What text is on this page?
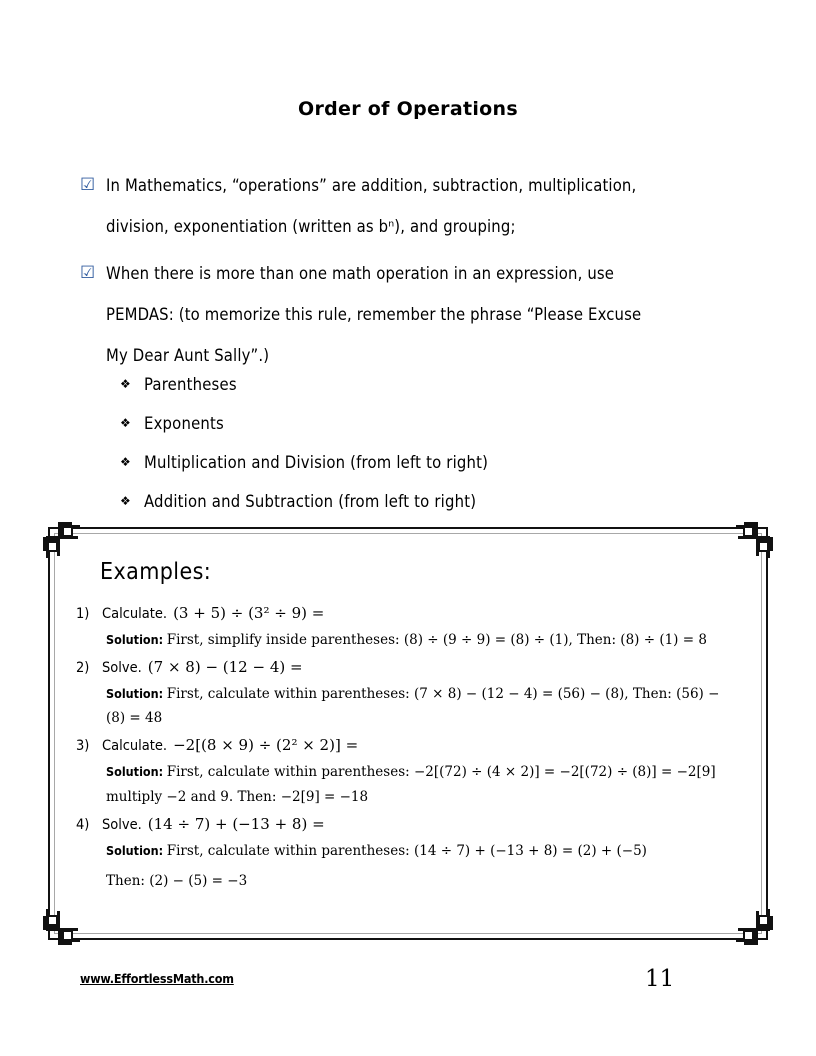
Order of Operations
☑ In Mathematics, “operations” are addition, subtraction, multiplication,
division, exponentiation (written as bⁿ), and grouping;
☑ When there is more than one math operation in an expression, use
PEMDAS: (to memorize this rule, remember the phrase “Please Excuse
My Dear Aunt Sally”.)
❖ Parentheses
❖ Exponents
❖ Multiplication and Division (from left to right)
❖ Addition and Subtraction (from left to right)
Examples:
1) Calculate. (3 + 5) ÷ (3² ÷ 9) =
Solution: First, simplify inside parentheses: (8) ÷ (9 ÷ 9) = (8) ÷ (1), Then: (8) ÷ (1) = 8
2) Solve. (7 × 8) − (12 − 4) =
Solution: First, calculate within parentheses: (7 × 8) − (12 − 4) = (56) − (8), Then: (56) − (8) = 48
3) Calculate. −2[(8 × 9) ÷ (2² × 2)] =
Solution: First, calculate within parentheses: −2[(72) ÷ (4 × 2)] = −2[(72) ÷ (8)] = −2[9]
multiply −2 and 9. Then: −2[9] = −18
4) Solve. (14 ÷ 7) + (−13 + 8) =
Solution: First, calculate within parentheses: (14 ÷ 7) + (−13 + 8) = (2) + (−5)
Then: (2) − (5) = −3
www.EffortlessMath.com	11
